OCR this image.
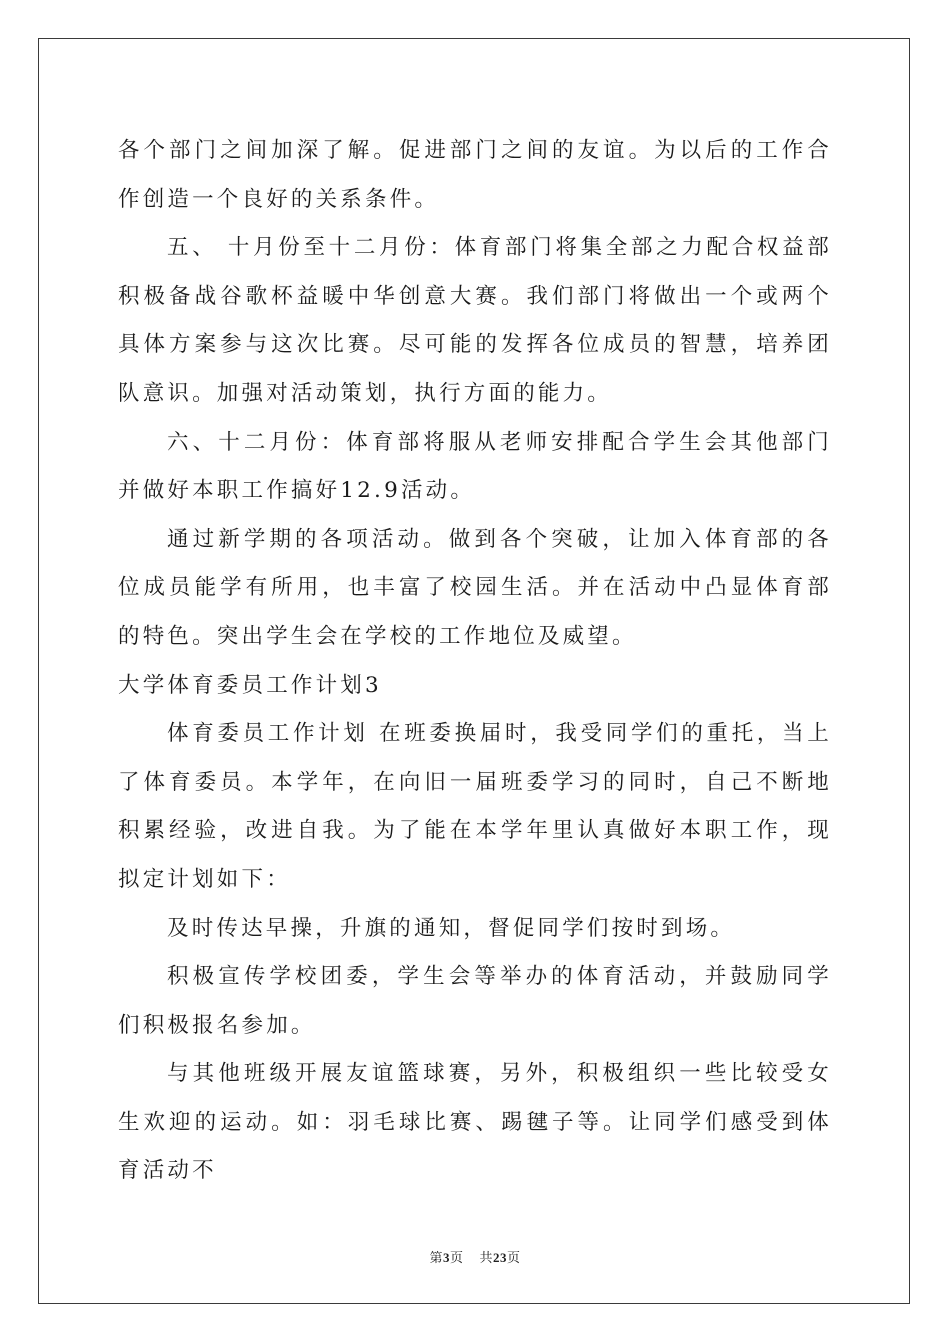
各个部门之间加深了解。促进部门之间的友谊。为以后的工作合作创造一个良好的关系条件。

五、 十月份至十二月份：体育部门将集全部之力配合权益部积极备战谷歌杯益暖中华创意大赛。我们部门将做出一个或两个具体方案参与这次比赛。尽可能的发挥各位成员的智慧，培养团队意识。加强对活动策划，执行方面的能力。

六、十二月份：体育部将服从老师安排配合学生会其他部门并做好本职工作搞好12.9活动。

通过新学期的各项活动。做到各个突破，让加入体育部的各位成员能学有所用，也丰富了校园生活。并在活动中凸显体育部的特色。突出学生会在学校的工作地位及威望。

大学体育委员工作计划3

体育委员工作计划 在班委换届时，我受同学们的重托，当上了体育委员。本学年，在向旧一届班委学习的同时，自己不断地积累经验，改进自我。为了能在本学年里认真做好本职工作，现拟定计划如下：

及时传达早操，升旗的通知，督促同学们按时到场。

积极宣传学校团委，学生会等举办的体育活动，并鼓励同学们积极报名参加。

与其他班级开展友谊篮球赛，另外，积极组织一些比较受女生欢迎的运动。如：羽毛球比赛、踢毽子等。让同学们感受到体育活动不

第3页 共23页
